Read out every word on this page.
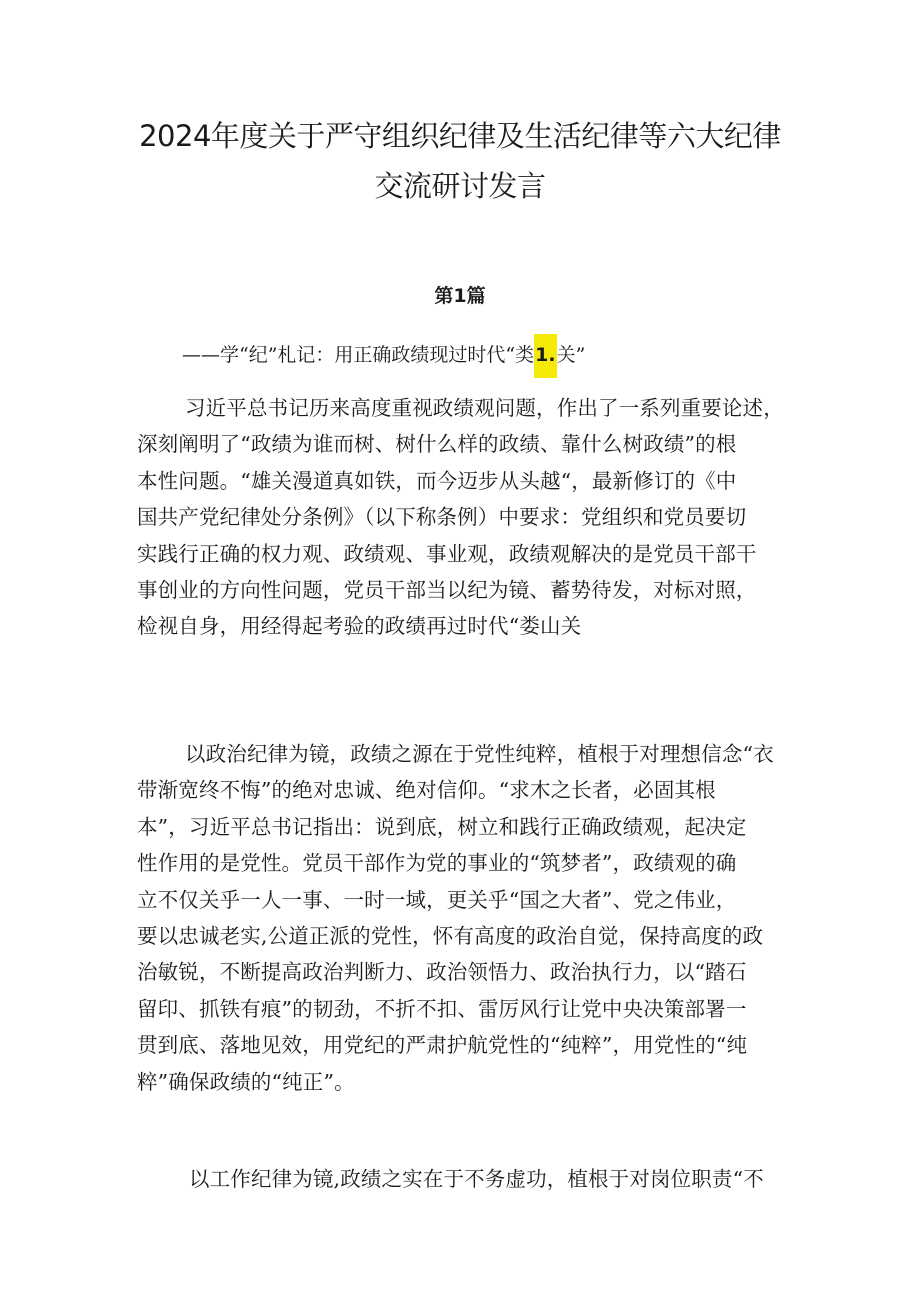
2024年度关于严守组织纪律及生活纪律等六大纪律
交流研讨发言
第1篇
——学“纪”札记：用正确政绩现过时代“类1.关”
习近平总书记历来高度重视政绩观问题，作出了一系列重要论述，
深刻阐明了“政绩为谁而树、树什么样的政绩、靠什么树政绩”的根
本性问题。“雄关漫道真如铁，而今迈步从头越“，最新修订的《中
国共产党纪律处分条例》（以下称条例）中要求：党组织和党员要切
实践行正确的权力观、政绩观、事业观，政绩观解决的是党员干部干
事创业的方向性问题，党员干部当以纪为镜、蓄势待发，对标对照，
检视自身，用经得起考验的政绩再过时代“娄山关
以政治纪律为镜，政绩之源在于党性纯粹，植根于对理想信念“衣
带渐宽终不悔”的绝对忠诚、绝对信仰。“求木之长者，必固其根
本”，习近平总书记指出：说到底，树立和践行正确政绩观，起决定
性作用的是党性。党员干部作为党的事业的“筑梦者”，政绩观的确
立不仅关乎一人一事、一时一域，更关乎“国之大者”、党之伟业，
要以忠诚老实,公道正派的党性，怀有高度的政治自觉，保持高度的政
治敏锐，不断提高政治判断力、政治领悟力、政治执行力，以“踏石
留印、抓铁有痕”的韧劲，不折不扣、雷厉风行让党中央决策部署一
贯到底、落地见效，用党纪的严肃护航党性的“纯粹”，用党性的“纯
粹”确保政绩的“纯正”。
以工作纪律为镜,政绩之实在于不务虚功，植根于对岗位职责“不
